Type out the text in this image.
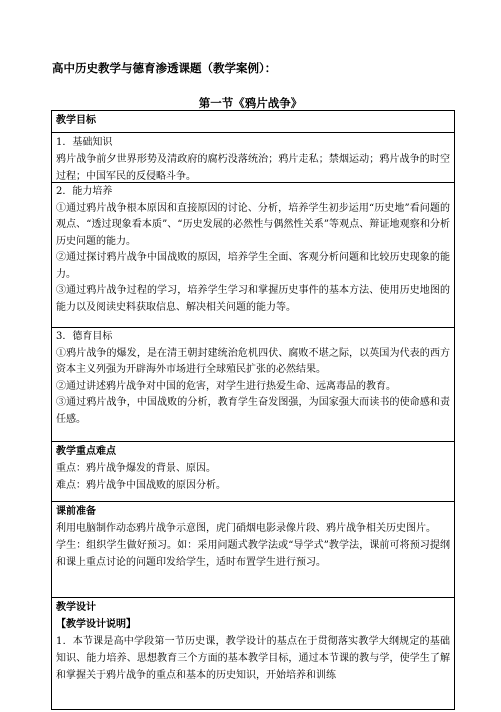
高中历史教学与德育渗透课题（教学案例）：
第一节《鸦片战争》
教学目标
1．基础知识
鸦片战争前夕世界形势及清政府的腐朽没落统治；鸦片走私；禁烟运动；鸦片战争的时空过程；中国军民的反侵略斗争。
2．能力培养
①通过鸦片战争根本原因和直接原因的讨论、分析，培养学生初步运用“历史地”看问题的观点、“透过现象看本质”、“历史发展的必然性与偶然性关系”等观点、辩证地观察和分析历史问题的能力。
②通过探讨鸦片战争中国战败的原因，培养学生全面、客观分析问题和比较历史现象的能力。
③通过鸦片战争过程的学习，培养学生学习和掌握历史事件的基本方法、使用历史地图的能力以及阅读史料获取信息、解决相关问题的能力等。
3．德育目标
①鸦片战争的爆发，是在清王朝封建统治危机四伏、腐败不堪之际，以英国为代表的西方资本主义列强为开辟海外市场进行全球殖民扩张的必然结果。
②通过讲述鸦片战争对中国的危害，对学生进行热爱生命、远离毒品的教育。
③通过鸦片战争，中国战败的分析，教育学生奋发图强，为国家强大而读书的使命感和责任感。
教学重点难点
重点：鸦片战争爆发的背景、原因。
难点：鸦片战争中国战败的原因分析。
课前准备
利用电脑制作动态鸦片战争示意图，虎门硝烟电影录像片段、鸦片战争相关历史图片。
学生：组织学生做好预习。如：采用问题式教学法或“导学式”教学法，课前可将预习提纲和课上重点讨论的问题印发给学生，适时布置学生进行预习。
教学设计
【教学设计说明】
1．本节课是高中学段第一节历史课，教学设计的基点在于贯彻落实教学大纲规定的基础知识、能力培养、思想教育三个方面的基本教学目标，通过本节课的教与学，使学生了解和掌握关于鸦片战争的重点和基本的历史知识，开始培养和训练
